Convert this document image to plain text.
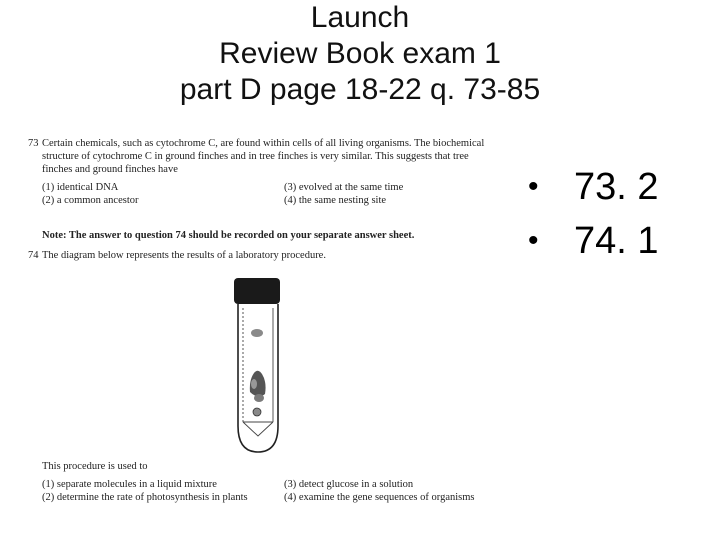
Launch
Review Book exam 1
part D page 18-22 q. 73-85
• 73. 2
• 74. 1
73 Certain chemicals, such as cytochrome C, are found within cells of all living organisms. The biochemical
structure of cytochrome C in ground finches and in tree finches is very similar. This suggests that tree
finches and ground finches have
(1) identical DNA
(2) a common ancestor
(3) evolved at the same time
(4) the same nesting site
Note: The answer to question 74 should be recorded on your separate answer sheet.
74 The diagram below represents the results of a laboratory procedure.
This procedure is used to
(1) separate molecules in a liquid mixture
(2) determine the rate of photosynthesis in plants
(3) detect glucose in a solution
(4) examine the gene sequences of organisms
